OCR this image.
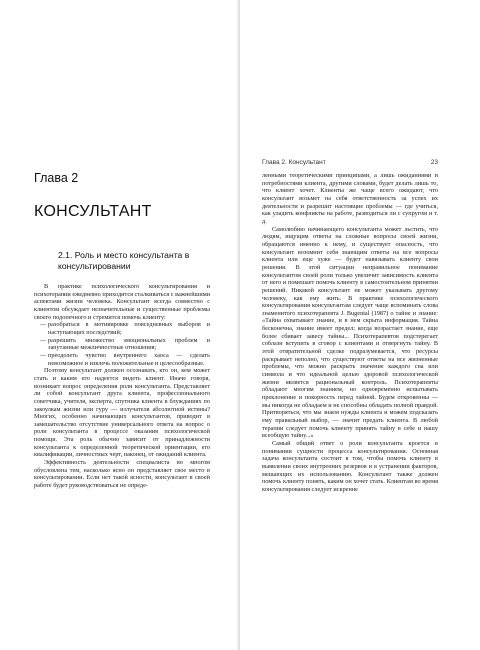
Глава 2
КОНСУЛЬТАНТ
2.1. Роль и место консультанта в консультировании

В практике психологического консультирования и психотерапии ежедневно приходится сталкиваться с важнейшими аспектами жизни человека. Консультант всегда совместно с клиентом обсуждает незначительные и существенные проблемы своего подопечного и стремится помочь клиенту:

— разобраться в мотивировке повседневных выборов и наступающих последствий;
— разрешить множество эмоциональных проблем и запутанные межличностные отношения;
— преодолеть чувство внутреннего хаоса — сделать невозможное и извлечь положительные и целесообразные.

Поэтому консультант должен осознавать, кто он, кем может стать и каким его надеется видеть клиент. Иначе говоря, возникает вопрос определения роли консультанта. Представляет ли собой консультант друга клиента, профессионального советчика, учителя, эксперта, спутника клиента в блужданиях по закоулкам жизни или гуру — излучателя абсолютной истины? Многих, особенно начинающих консультантов, приводит в замешательство отсутствие универсального ответа на вопрос о роли консультанта в процессе оказания психологической помощи. Эта роль обычно зависит от принадлежности консультанта к определенной теоретической ориентации, его квалификации, личностных черт, наконец, от ожиданий клиента.

Эффективность деятельности специалиста во многом обусловлена тем, насколько ясно он представляет свое место в консультировании. Если нет такой ясности, консультант в своей работе будет руководствоваться не опреде-

Глава 2. Консультант	23

ленными теоретическими принципами, а лишь ожиданиями и потребностями клиента, другими словами, будет делать лишь то, что клиент хочет. Клиенты же чаще всего ожидают, что консультант возьмет на себя ответственность за успех их деятельности и разрешит настоящие проблемы — где учиться, как уладить конфликты на работе, разводиться ли с супругом и т. д.

Самолюбию начинающего консультанта может льстить, что людям, ищущим ответы на сложные вопросы своей жизни, обращаются именно к нему, и существует опасность, что консультант возомнит себя знающим ответы на все вопросы клиента или еще хуже — будет навязывать клиенту свои решения. В этой ситуации неправильное понимание консультантом своей роли только увеличит зависимость клиента от него и помешает помочь клиенту в самостоятельном принятии решений. Никакой консультант не может указывать другому человеку, как ему жить. В практике психологического консультирования консультантам следует чаще вспоминать слова знаменитого психотерапевта J. Bugental (1987) о тайне и знание: «Тайна охватывает знание, и в нем скрыта информация. Тайна бесконечна, знание имеет предел; когда возрастает знание, еще более сбивает завесу тайны... Психотерапевтов подстерегает соблазн вступить в сговор с клиентами и отвергнуть тайну. В этой отвратительной сделке подразумевается, что ресурсы раскрывает неполно, что существуют ответы на все жизненные проблемы, что можно раскрыть значение каждого сна или символа и что идеальной целью здоровой психологической жизни является рациональный контроль. Психотерапевты обладают многим знанием, но одновременно испытывать преклонение и покорность перед тайной. Будем откровенны — мы никогда не обладаем и не способны обладать полной правдой. Притворяться, что мы знаем нужды клиента и можем подсказать ему правильный выбор, — значит предать клиента. В любой терапии следует помочь клиенту принять тайну в себе и нашу всеобщую тайну...»

Самый общий ответ о роли консультанта кроется в понимании сущности процесса консультирования. Основная задача консультанта состоит в том, чтобы помочь клиенту в выявлении своих внутренних резервов и в устранении факторов, мешающих их использованию. Консультант также должен помочь клиенту понять, каким он хочет стать. Клиентам во время консультирования следует искренне
